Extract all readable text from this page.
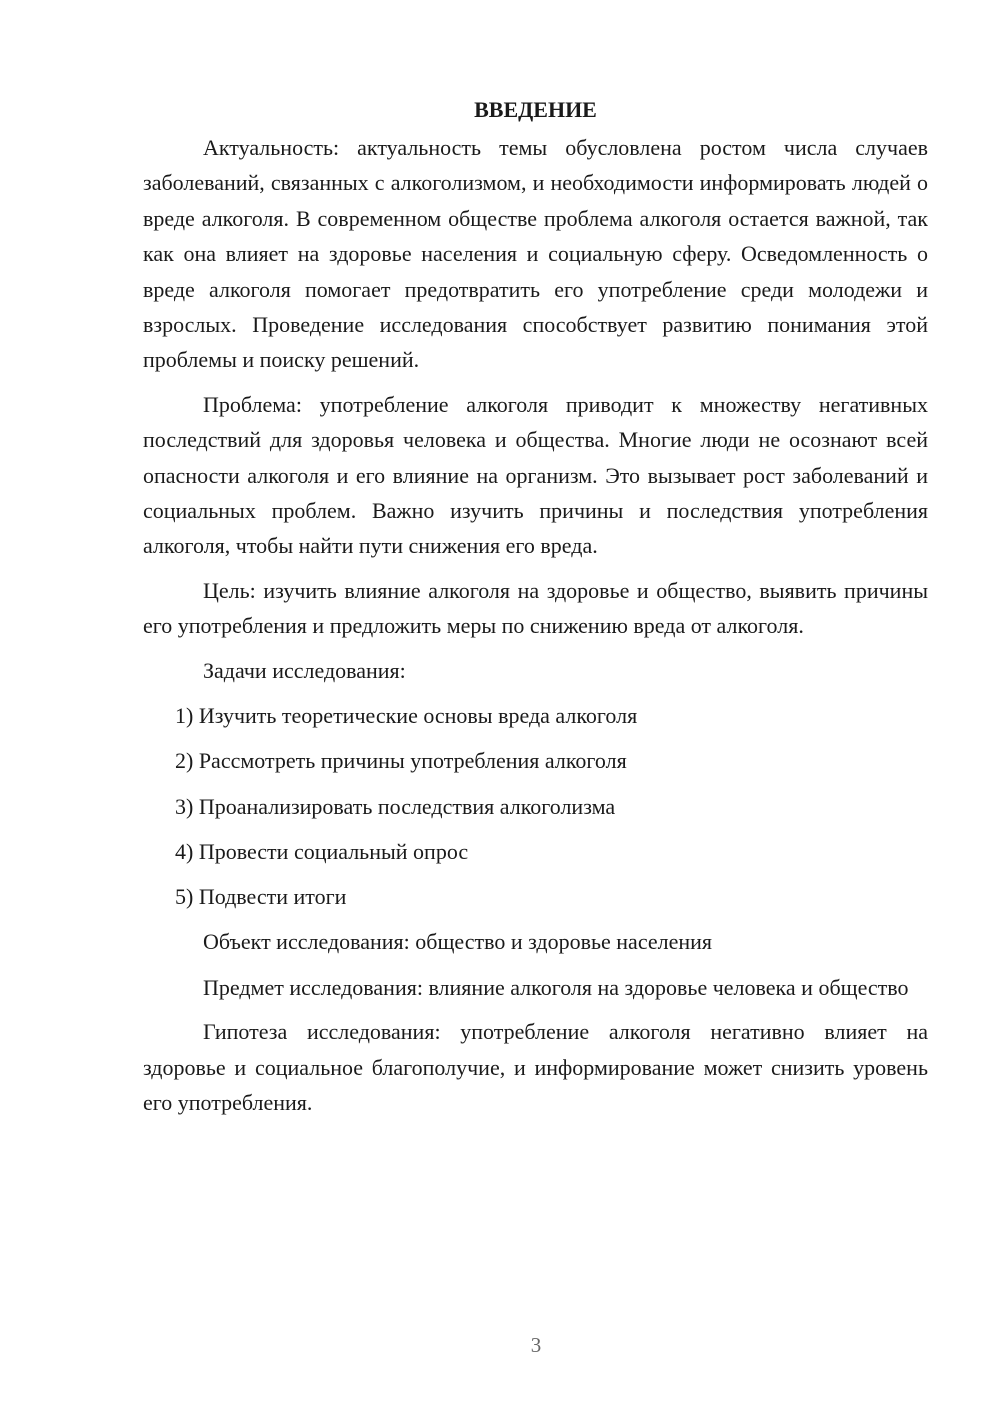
ВВЕДЕНИЕ

Актуальность: актуальность темы обусловлена ростом числа случаев заболеваний, связанных с алкоголизмом, и необходимости информировать людей о вреде алкоголя. В современном обществе проблема алкоголя остается важной, так как она влияет на здоровье населения и социальную сферу. Осведомленность о вреде алкоголя помогает предотвратить его употребление среди молодежи и взрослых. Проведение исследования способствует развитию понимания этой проблемы и поиску решений.

Проблема: употребление алкоголя приводит к множеству негативных последствий для здоровья человека и общества. Многие люди не осознают всей опасности алкоголя и его влияние на организм. Это вызывает рост заболеваний и социальных проблем. Важно изучить причины и последствия употребления алкоголя, чтобы найти пути снижения его вреда.

Цель: изучить влияние алкоголя на здоровье и общество, выявить причины его употребления и предложить меры по снижению вреда от алкоголя.

Задачи исследования:

1) Изучить теоретические основы вреда алкоголя

2) Рассмотреть причины употребления алкоголя

3) Проанализировать последствия алкоголизма

4) Провести социальный опрос

5) Подвести итоги

Объект исследования: общество и здоровье населения

Предмет исследования: влияние алкоголя на здоровье человека и общество

Гипотеза исследования: употребление алкоголя негативно влияет на здоровье и социальное благополучие, и информирование может снизить уровень его употребления.

3
